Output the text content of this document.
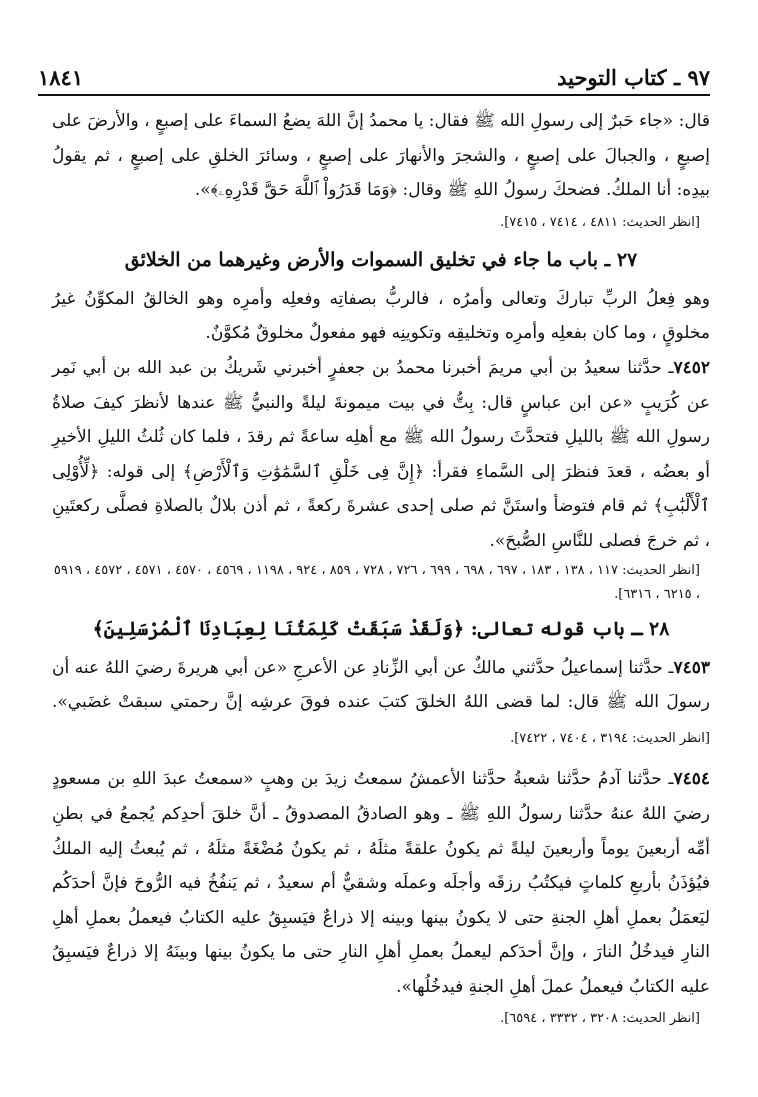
١٨٤١	٩٧ ـ كتاب التوحيد

قال: «جاء حَبرٌ إلى رسولِ الله ﷺ فقال: يا محمدُ إنَّ اللهَ يضعُ السماءَ على إصبعٍ ، والأرضَ على إصبعٍ ، والجبالَ على إصبعٍ ، والشجرَ والأنهارَ على إصبعٍ ، وسائرَ الخلقِ على إصبعٍ ، ثم يقولُ بيدِه: أنا الملكُ. فضحكَ رسولُ اللهِ ﷺ وقال: ﴿وَمَا قَدَرُواْ ٱللَّهَ حَقَّ قَدْرِهِۦ﴾».

[انظر الحديث: ٤٨١١ ، ٧٤١٤ ، ٧٤١٥].
٢٧ ـ باب ما جاء في تخليق السموات والأرض وغيرهما من الخلائق

وهو فِعلُ الربِّ تباركَ وتعالى وأمرُه ، فالربُّ بصفاتِه وفعلِه وأمرِه وهو الخالقُ المكوِّنُ غيرُ مخلوقٍ ، وما كان بفعلِه وأمرِه وتخليقِه وتكوينِه فهو مفعولٌ مخلوقٌ مُكوَّنٌ.

٧٤٥٢ـ حدَّثنا سعيدُ بن أبي مريمَ أخبرنا محمدُ بن جعفرٍ أخبرني شَريكُ بن عبد الله بن أبي نَمِر عن كُرَيبٍ «عن ابن عباسٍ قال: بِتُّ في بيت ميمونةَ ليلةً والنبيُّ ﷺ عندها لأنظرَ كيفَ صلاةُ رسولِ الله ﷺ بالليلِ فتحدَّثَ رسولُ الله ﷺ مع أهلِه ساعةً ثم رقدَ ، فلما كان ثُلثُ الليلِ الأخيرِ أو بعضُه ، قعدَ فنظرَ إلى السَّماءِ فقرأ: ﴿إِنَّ فِى خَلْقِ ٱلسَّمَٰوَٰتِ وَٱلْأَرْضِ﴾ إلى قوله: ﴿لِّأُوْلِى ٱلْأَلْبَٰبِ﴾ ثم قام فتوضأ واستَنَّ ثم صلى إحدى عشرةَ ركعةً ، ثم أذن بلالٌ بالصلاةِ فصلَّى ركعتَينِ ، ثم خرجَ فصلى للنَّاسِ الصُّبحَ».

[انظر الحديث: ١١٧ ، ١٣٨ ، ١٨٣ ، ٦٩٧ ، ٦٩٨ ، ٦٩٩ ، ٧٢٦ ، ٧٢٨ ، ٨٥٩ ، ٩٢٤ ، ١١٩٨ ، ٤٥٦٩ ، ٤٥٧٠ ، ٤٥٧١ ، ٤٥٧٢ ، ٥٩١٩ ، ٦٢١٥ ، ٦٣١٦].
٢٨ ـ باب قوله تعالى: ﴿وَلَقَدْ سَبَقَتْ كَلِمَتُنَا لِعِبَادِنَا ٱلْمُرْسَلِينَ﴾

٧٤٥٣ـ حدَّثنا إسماعيلُ حدَّثني مالكٌ عن أبي الزِّنادِ عن الأعرجِ «عن أبي هريرةَ رضيَ اللهُ عنه أن رسولَ الله ﷺ قال: لما قضى اللهُ الخلقَ كتبَ عنده فوقَ عرشِه إنَّ رحمتي سبقتْ غضَبي». [انظر الحديث: ٣١٩٤ ، ٧٤٠٤ ، ٧٤٢٢].

٧٤٥٤ـ حدَّثنا آدمُ حدَّثنا شعبةُ حدَّثنا الأعمشُ سمعتُ زيدَ بن وهبٍ «سمعتُ عبدَ اللهِ بن مسعودٍ رضيَ اللهُ عنهُ حدَّثنا رسولُ اللهِ ﷺ ـ وهو الصادقُ المصدوقُ ـ أنَّ خلقَ أحدِكم يُجمعُ في بطنِ أمِّه أربعينَ يوماً وأربعينَ ليلةً ثم يكونُ علقةً مثلَهُ ، ثم يكونُ مُضْغَةً مثلَهُ ، ثم يُبعثُ إليه الملكُ فيُؤذَنُ بأربعِ كلماتٍ فيكتُبُ رزقَه وأجلَه وعملَه وشقيٌّ أم سعيدٌ ، ثم يَنفُخُ فيه الرُّوحَ فإنَّ أحدَكُم ليَعمَلُ بعملِ أهلِ الجنةِ حتى لا يكونُ بينها وبينه إلا ذراعٌ فيَسبِقُ عليه الكتابُ فيعملُ بعملِ أهلِ النارِ فيدخُلُ النارَ ، وإنَّ أحدَكم ليعملُ بعملِ أهلِ النارِ حتى ما يكونُ بينها وبينَهُ إلا ذراعٌ فيَسبِقُ عليه الكتابُ فيعملُ عملَ أهلِ الجنةِ فيدخُلُها».

[انظر الحديث: ٣٢٠٨ ، ٣٣٣٢ ، ٦٥٩٤].
